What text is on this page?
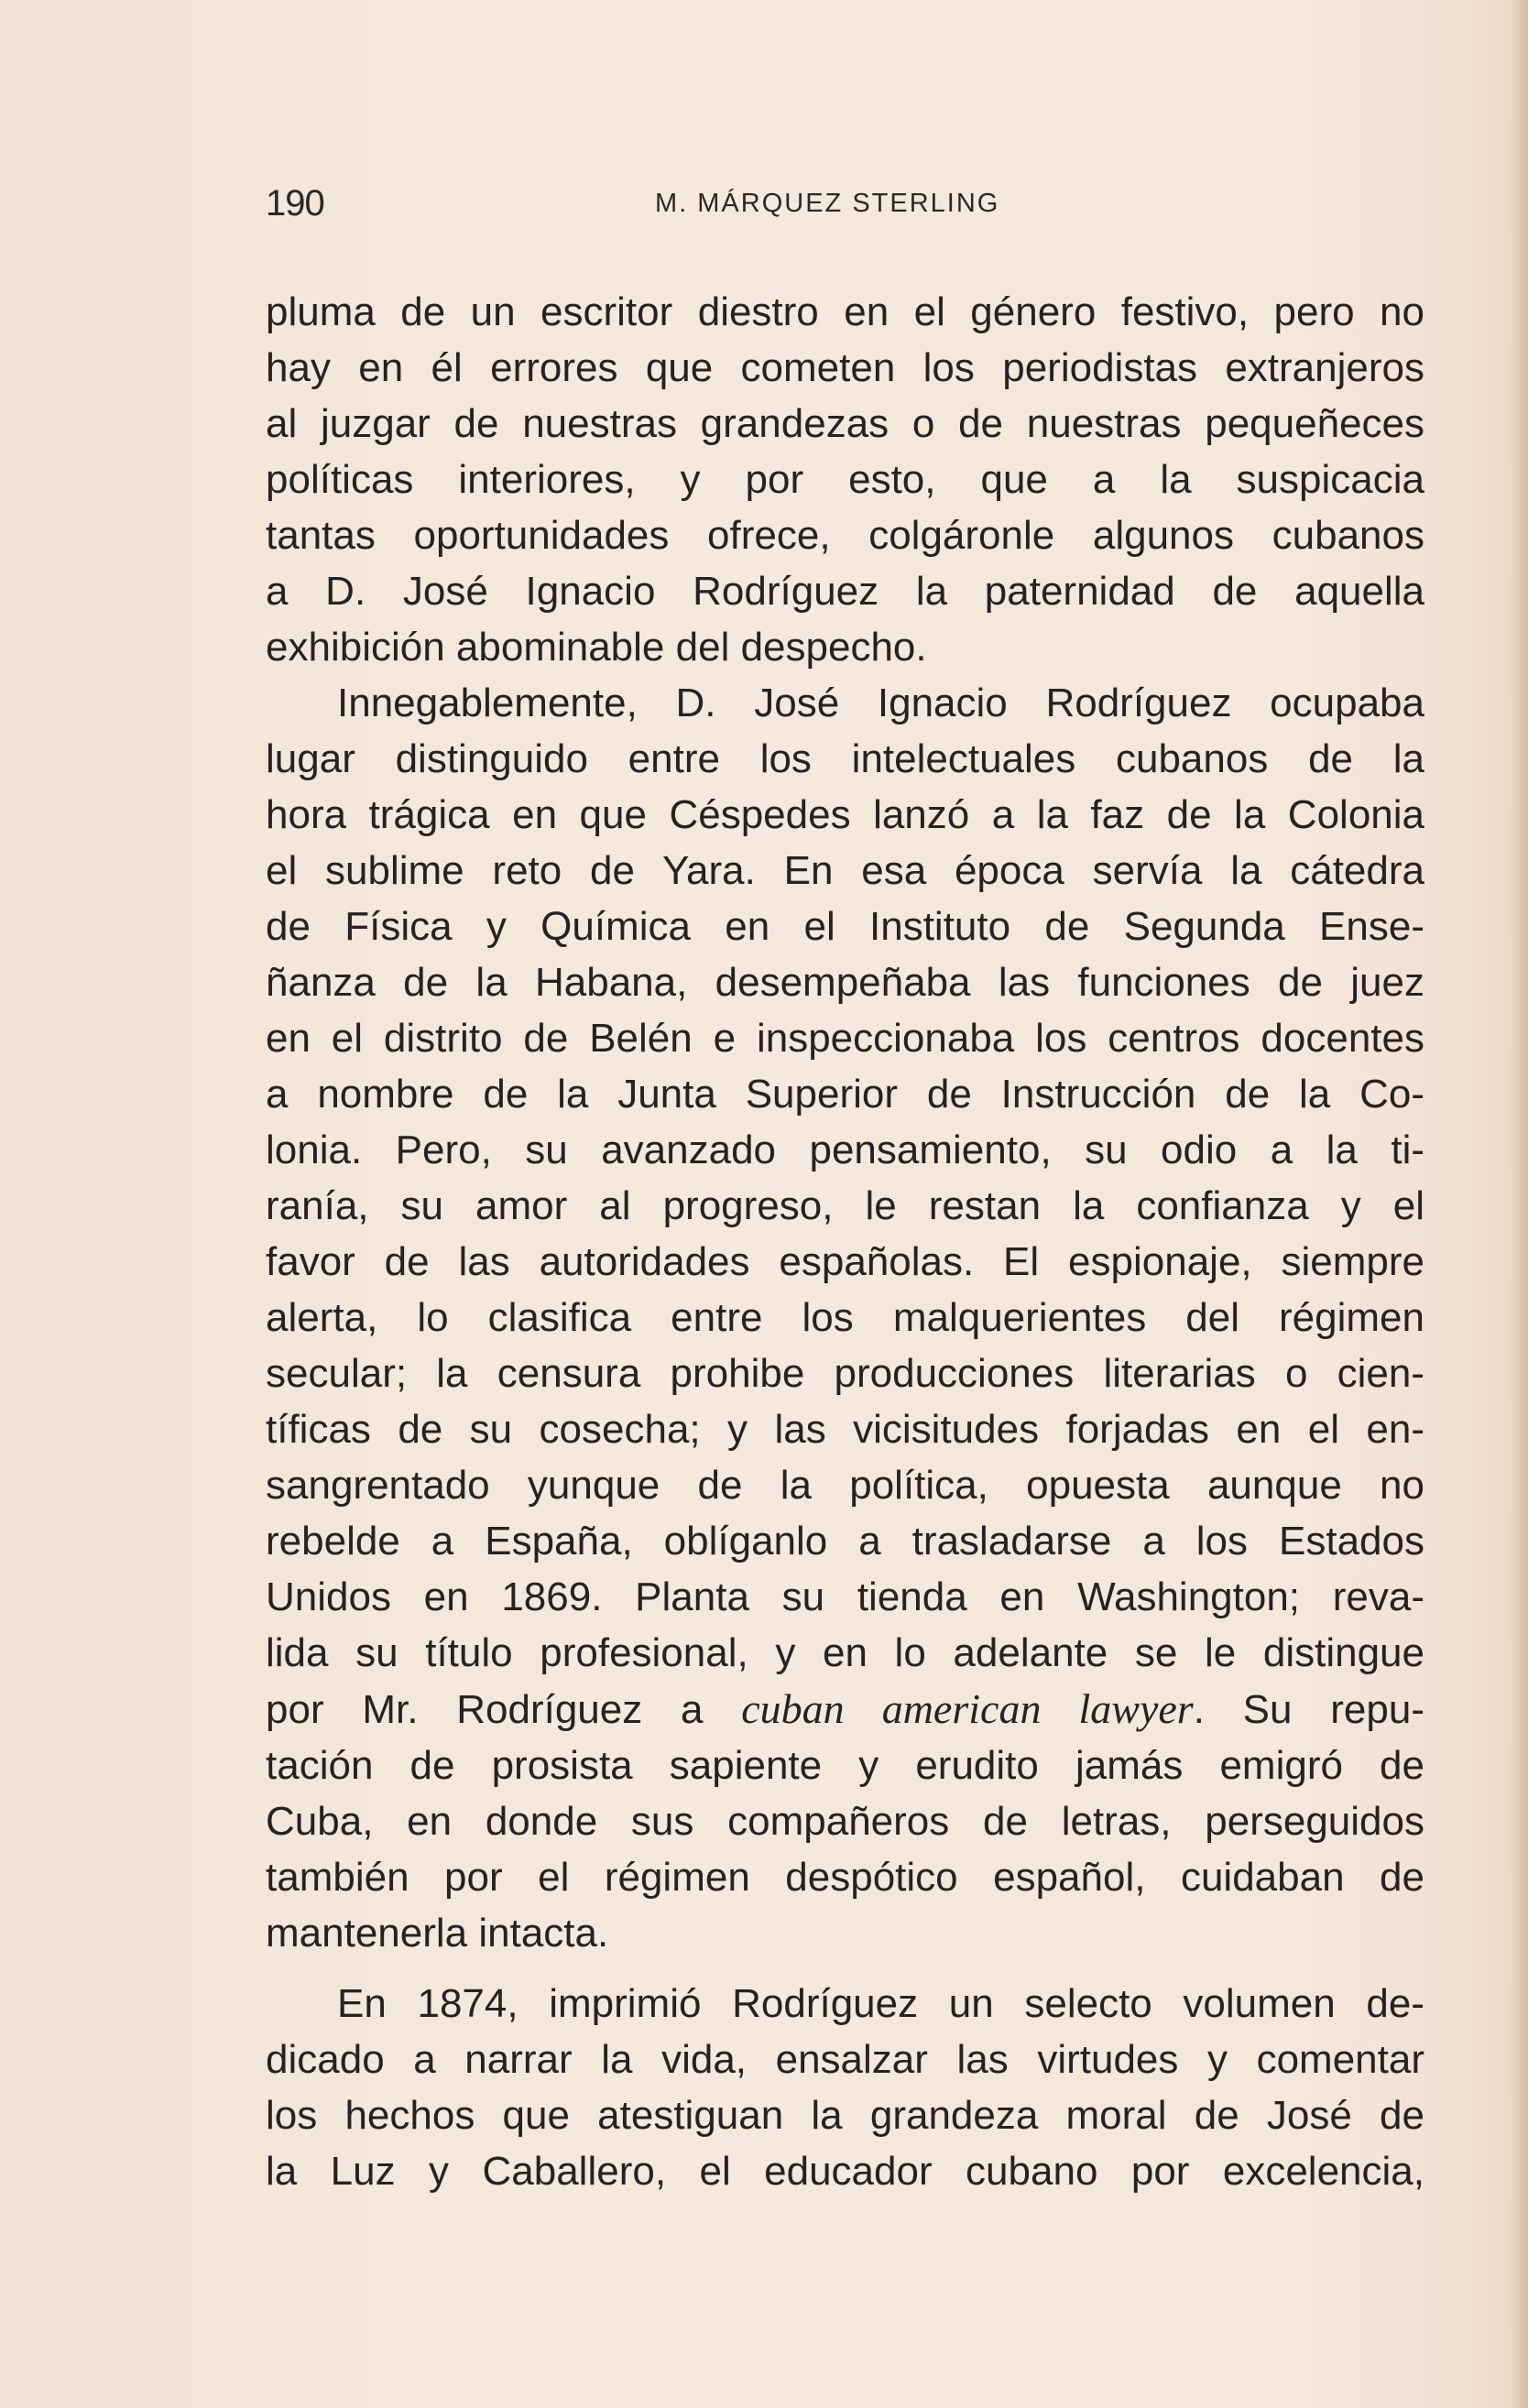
190	M. MÁRQUEZ STERLING
pluma de un escritor diestro en el género festivo, pero no
hay en él errores que cometen los periodistas extranjeros
al juzgar de nuestras grandezas o de nuestras pequeñeces
políticas interiores, y por esto, que a la suspicacia
tantas oportunidades ofrece, colgáronle algunos cubanos
a D. José Ignacio Rodríguez la paternidad de aquella
exhibición abominable del despecho.
Innegablemente, D. José Ignacio Rodríguez ocupaba
lugar distinguido entre los intelectuales cubanos de la
hora trágica en que Céspedes lanzó a la faz de la Colonia
el sublime reto de Yara. En esa época servía la cátedra
de Física y Química en el Instituto de Segunda Ense-
ñanza de la Habana, desempeñaba las funciones de juez
en el distrito de Belén e inspeccionaba los centros docentes
a nombre de la Junta Superior de Instrucción de la Co-
lonia. Pero, su avanzado pensamiento, su odio a la ti-
ranía, su amor al progreso, le restan la confianza y el
favor de las autoridades españolas. El espionaje, siempre
alerta, lo clasifica entre los malquerientes del régimen
secular; la censura prohibe producciones literarias o cien-
tíficas de su cosecha; y las vicisitudes forjadas en el en-
sangrentado yunque de la política, opuesta aunque no
rebelde a España, oblíganlo a trasladarse a los Estados
Unidos en 1869. Planta su tienda en Washington; reva-
lida su título profesional, y en lo adelante se le distingue
por Mr. Rodríguez a cuban american lawyer. Su repu-
tación de prosista sapiente y erudito jamás emigró de
Cuba, en donde sus compañeros de letras, perseguidos
también por el régimen despótico español, cuidaban de
mantenerla intacta.
En 1874, imprimió Rodríguez un selecto volumen de-
dicado a narrar la vida, ensalzar las virtudes y comentar
los hechos que atestiguan la grandeza moral de José de
la Luz y Caballero, el educador cubano por excelencia,
